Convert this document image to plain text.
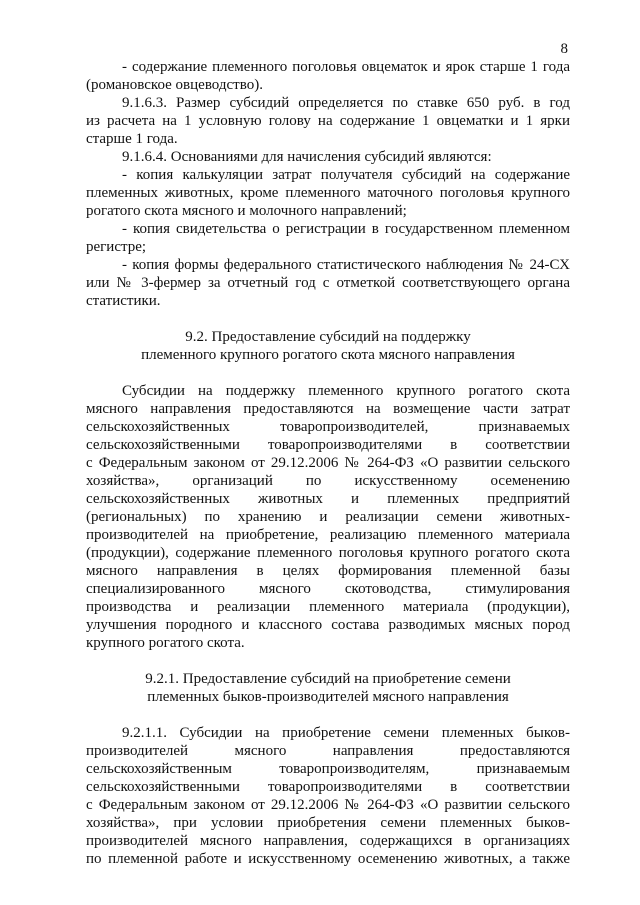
8
- содержание племенного поголовья овцематок и ярок старше 1 года
(романовское овцеводство).
9.1.6.3. Размер субсидий определяется по ставке 650 руб. в год
из расчета на 1 условную голову на содержание 1 овцематки и 1 ярки
старше 1 года.
9.1.6.4. Основаниями для начисления субсидий являются:
- копия калькуляции затрат получателя субсидий на содержание
племенных животных, кроме племенного маточного поголовья крупного
рогатого скота мясного и молочного направлений;
- копия свидетельства о регистрации в государственном племенном
регистре;
- копия формы федерального статистического наблюдения № 24-СХ
или № 3-фермер за отчетный год с отметкой соответствующего органа
статистики.
9.2. Предоставление субсидий на поддержку
племенного крупного рогатого скота мясного направления
Субсидии на поддержку племенного крупного рогатого скота
мясного направления предоставляются на возмещение части затрат
сельскохозяйственных товаропроизводителей, признаваемых
сельскохозяйственными товаропроизводителями в соответствии
с Федеральным законом от 29.12.2006 № 264-ФЗ «О развитии сельского
хозяйства», организаций по искусственному осеменению
сельскохозяйственных животных и племенных предприятий
(региональных) по хранению и реализации семени животных-
производителей на приобретение, реализацию племенного материала
(продукции), содержание племенного поголовья крупного рогатого скота
мясного направления в целях формирования племенной базы
специализированного мясного скотоводства, стимулирования
производства и реализации племенного материала (продукции),
улучшения породного и классного состава разводимых мясных пород
крупного рогатого скота.
9.2.1. Предоставление субсидий на приобретение семени
племенных быков-производителей мясного направления
9.2.1.1. Субсидии на приобретение семени племенных быков-
производителей мясного направления предоставляются
сельскохозяйственным товаропроизводителям, признаваемым
сельскохозяйственными товаропроизводителями в соответствии
с Федеральным законом от 29.12.2006 № 264-ФЗ «О развитии сельского
хозяйства», при условии приобретения семени племенных быков-
производителей мясного направления, содержащихся в организациях
по племенной работе и искусственному осеменению животных, а также
